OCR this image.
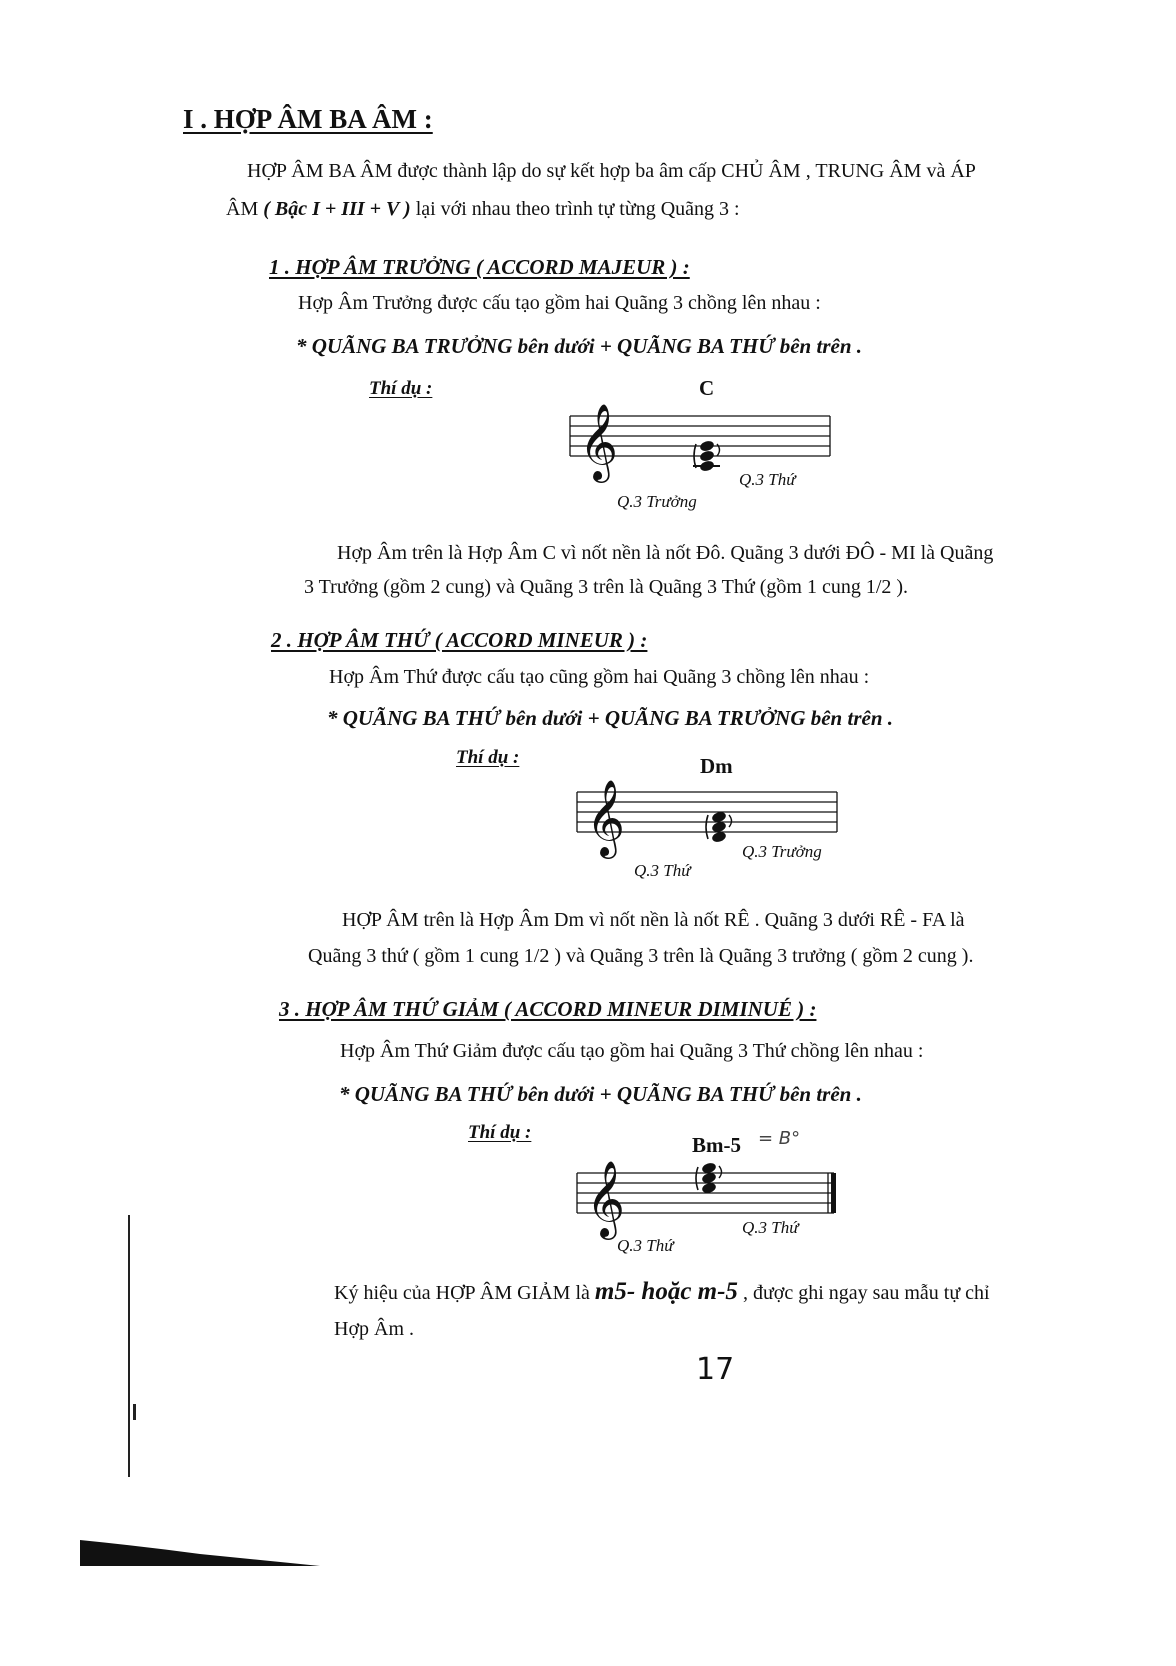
I . HỢP ÂM BA ÂM :
HỢP ÂM BA ÂM được thành lập do sự kết hợp ba âm cấp CHỦ ÂM , TRUNG ÂM và ÁP
ÂM ( Bậc I + III + V ) lại với nhau theo trình tự từng Quãng 3 :
1 . HỢP ÂM TRƯỞNG ( ACCORD MAJEUR ) :
Hợp Âm Trưởng được cấu tạo gồm hai Quãng 3 chồng lên nhau :
* QUÃNG BA TRƯỞNG bên dưới + QUÃNG BA THỨ bên trên .
Thí dụ :	C
𝄞	Q.3 Thứ
Q.3 Trưởng
Hợp Âm trên là Hợp Âm C vì nốt nền là nốt Đô. Quãng 3 dưới ĐÔ - MI là Quãng
3 Trưởng (gồm 2 cung) và Quãng 3 trên là Quãng 3 Thứ (gồm 1 cung 1/2 ).
2 . HỢP ÂM THỨ ( ACCORD MINEUR ) :
Hợp Âm Thứ được cấu tạo cũng gồm hai Quãng 3 chồng lên nhau :
* QUÃNG BA THỨ bên dưới + QUÃNG BA TRƯỞNG bên trên .
Thí dụ :	Dm
𝄞	Q.3 Trưởng
Q.3 Thứ
HỢP ÂM trên là Hợp Âm Dm vì nốt nền là nốt RÊ . Quãng 3 dưới RÊ - FA là
Quãng 3 thứ ( gồm 1 cung 1/2 ) và Quãng 3 trên là Quãng 3 trưởng ( gồm 2 cung ).
3 . HỢP ÂM THỨ GIẢM ( ACCORD MINEUR DIMINUÉ ) :
Hợp Âm Thứ Giảm được cấu tạo gồm hai Quãng 3 Thứ chồng lên nhau :
* QUÃNG BA THỨ bên dưới + QUÃNG BA THỨ bên trên .
Thí dụ :
Bm-5 = B°
𝄞	Q.3 Thứ
Q.3 Thứ
Ký hiệu của HỢP ÂM GIẢM là m5- hoặc m-5 , được ghi ngay sau mẫu tự chỉ
Hợp Âm .
17
